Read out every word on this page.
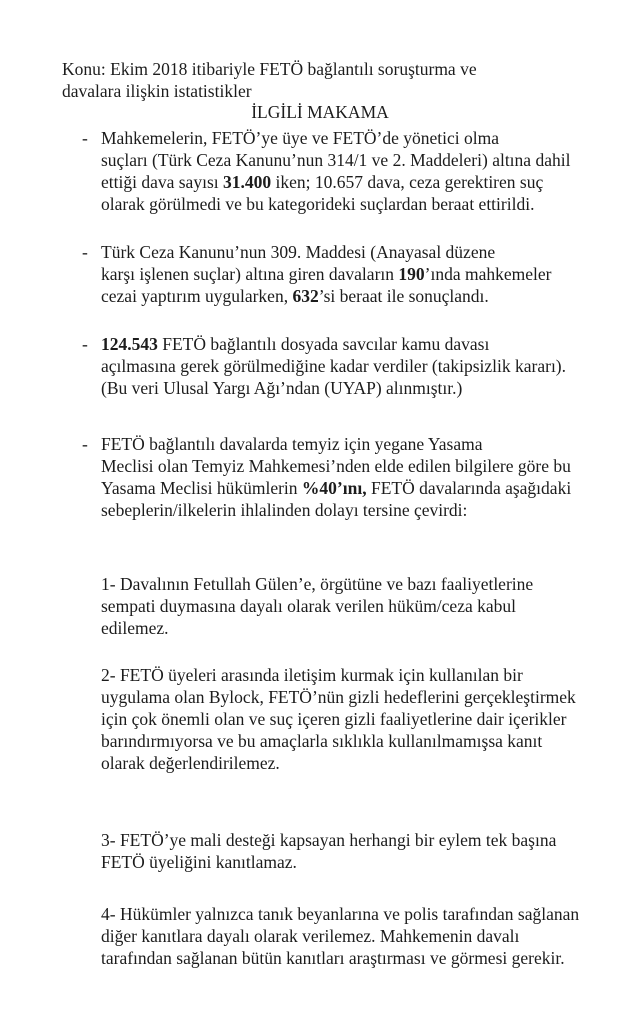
Konu: Ekim 2018 itibariyle FETÖ bağlantılı soruşturma ve
davalara ilişkin istatistikler
İLGİLİ MAKAMA
- Mahkemelerin, FETÖ’ye üye ve FETÖ’de yönetici olma
suçları (Türk Ceza Kanunu’nun 314/1 ve 2. Maddeleri) altına dahil ettiği dava sayısı 31.400 iken; 10.657 dava, ceza gerektiren suç olarak görülmedi ve bu kategorideki suçlardan beraat ettirildi.
- Türk Ceza Kanunu’nun 309. Maddesi (Anayasal düzene
karşı işlenen suçlar) altına giren davaların 190’ında mahkemeler cezai yaptırım uygularken, 632’si beraat ile sonuçlandı.
- 124.543 FETÖ bağlantılı dosyada savcılar kamu davası
açılmasına gerek görülmediğine kadar verdiler (takipsizlik kararı). (Bu veri Ulusal Yargı Ağı’ndan (UYAP) alınmıştır.)
- FETÖ bağlantılı davalarda temyiz için yegane Yasama
Meclisi olan Temyiz Mahkemesi’nden elde edilen bilgilere göre bu Yasama Meclisi hükümlerin %40’ını, FETÖ davalarında aşağıdaki sebeplerin/ilkelerin ihlalinden dolayı tersine çevirdi:
1- Davalının Fetullah Gülen’e, örgütüne ve bazı faaliyetlerine sempati duymasına dayalı olarak verilen hüküm/ceza kabul edilemez.
2- FETÖ üyeleri arasında iletişim kurmak için kullanılan bir uygulama olan Bylock, FETÖ’nün gizli hedeflerini gerçekleştirmek için çok önemli olan ve suç içeren gizli faaliyetlerine dair içerikler barındırmıyorsa ve bu amaçlarla sıklıkla kullanılmamışsa kanıt olarak değerlendirilemez.
3- FETÖ’ye mali desteği kapsayan herhangi bir eylem tek başına FETÖ üyeliğini kanıtlamaz.
4- Hükümler yalnızca tanık beyanlarına ve polis tarafından sağlanan diğer kanıtlara dayalı olarak verilemez. Mahkemenin davalı tarafından sağlanan bütün kanıtları araştırması ve görmesi gerekir.
